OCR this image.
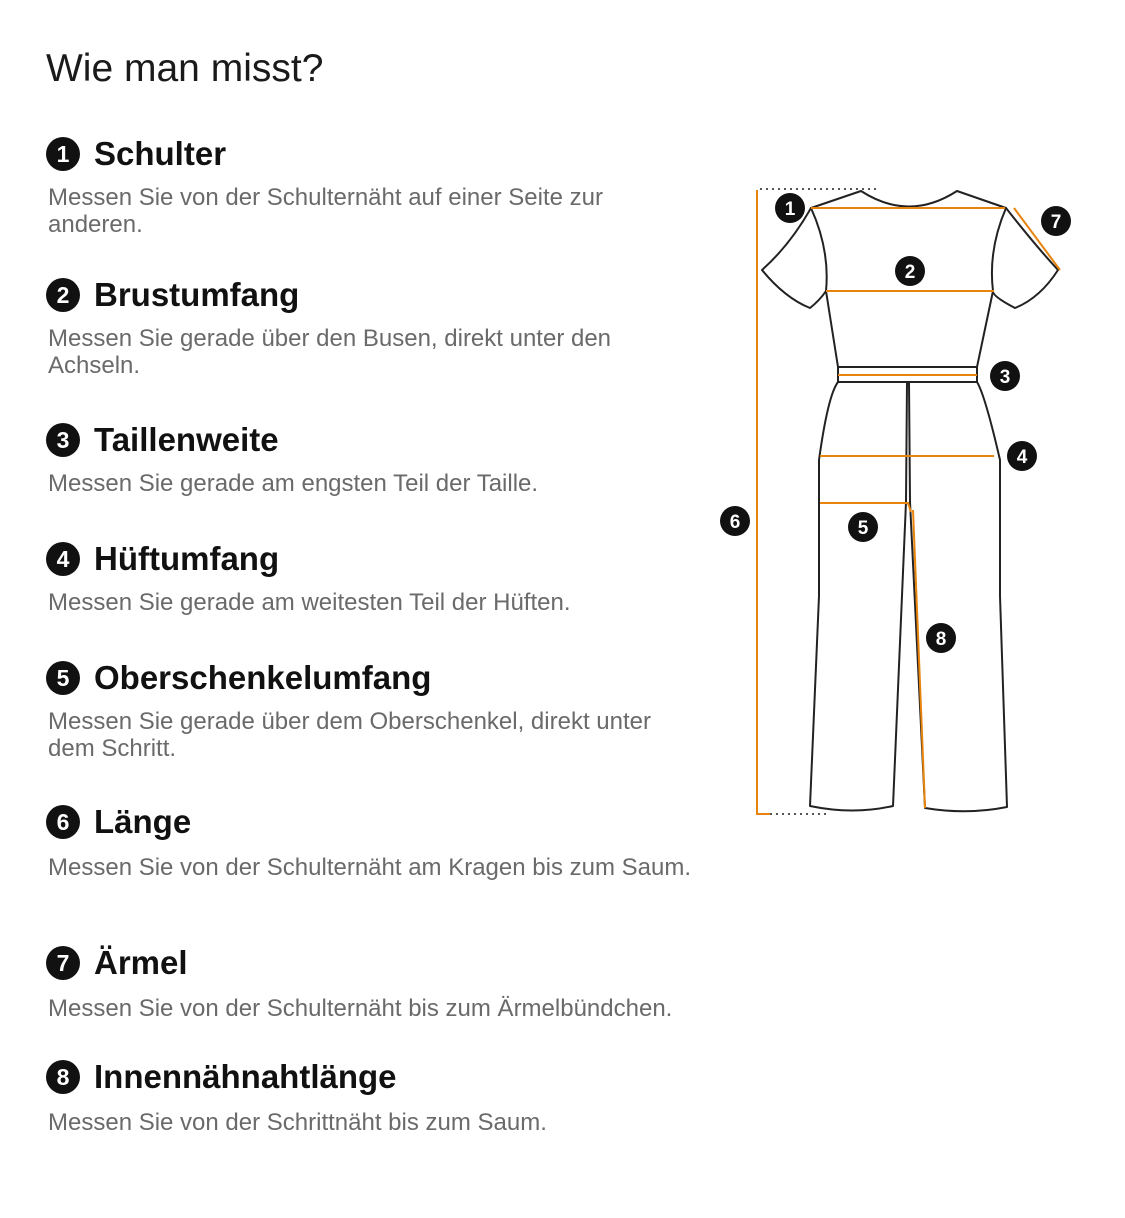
Wie man misst?
1 Schulter

Messen Sie von der Schulternäht auf einer Seite zur anderen.

2 Brustumfang

Messen Sie gerade über den Busen, direkt unter den Achseln.

3 Taillenweite

Messen Sie gerade am engsten Teil der Taille.

4 Hüftumfang

Messen Sie gerade am weitesten Teil der Hüften.

5 Oberschenkelumfang

Messen Sie gerade über dem Oberschenkel, direkt unter dem Schritt.

6 Länge

Messen Sie von der Schulternäht am Kragen bis zum Saum.

7 Ärmel

Messen Sie von der Schulternäht bis zum Ärmelbündchen.

8 Innennähnahtlänge

Messen Sie von der Schrittnäht bis zum Saum.

1
2
3
4
5
6
7
8
